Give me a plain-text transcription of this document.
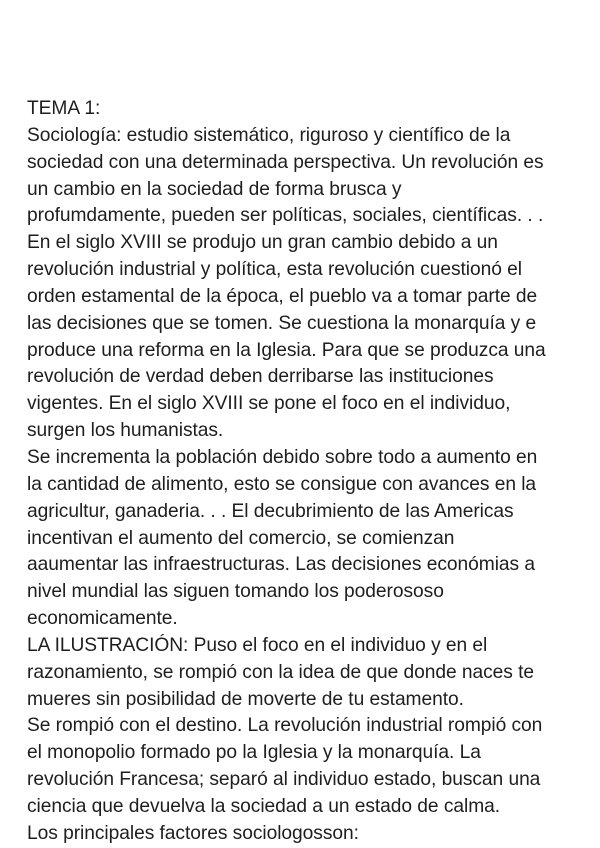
TEMA 1:
Sociología: estudio sistemático, riguroso y científico de la
sociedad con una determinada perspectiva. Un revolución es
un cambio en la sociedad de forma brusca y
profumdamente, pueden ser políticas, sociales, científicas. . .
En el siglo XVIII se produjo un gran cambio debido a un
revolución industrial y política, esta revolución cuestionó el
orden estamental de la época, el pueblo va a tomar parte de
las decisiones que se tomen. Se cuestiona la monarquía y e
produce una reforma en la Iglesia. Para que se produzca una
revolución de verdad deben derribarse las instituciones
vigentes. En el siglo XVIII se pone el foco en el individuo,
surgen los humanistas.
Se incrementa la población debido sobre todo a aumento en
la cantidad de alimento, esto se consigue con avances en la
agricultur, ganaderia. . . El decubrimiento de las Americas
incentivan el aumento del comercio, se comienzan
aaumentar las infraestructuras. Las decisiones económias a
nivel mundial las siguen tomando los poderososo
economicamente.
LA ILUSTRACIÓN: Puso el foco en el individuo y en el
razonamiento, se rompió con la idea de que donde naces te
mueres sin posibilidad de moverte de tu estamento.
Se rompió con el destino. La revolución industrial rompió con
el monopolio formado po la Iglesia y la monarquía. La
revolución Francesa; separó al individuo estado, buscan una
ciencia que devuelva la sociedad a un estado de calma.
Los principales factores sociologosson:
